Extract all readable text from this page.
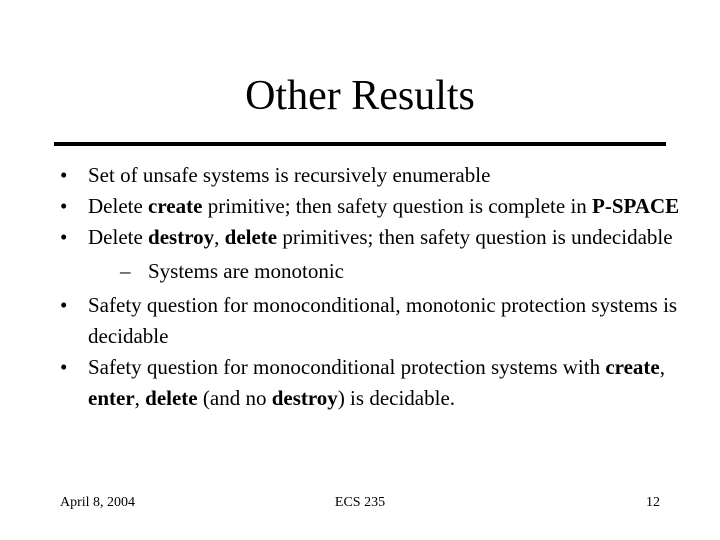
Other Results
• Set of unsafe systems is recursively enumerable
• Delete create primitive; then safety question is complete in P-SPACE
• Delete destroy, delete primitives; then safety question is undecidable
– Systems are monotonic
• Safety question for monoconditional, monotonic protection systems is decidable
• Safety question for monoconditional protection systems with create, enter, delete (and no destroy) is decidable.
April 8, 2004	ECS 235	12
